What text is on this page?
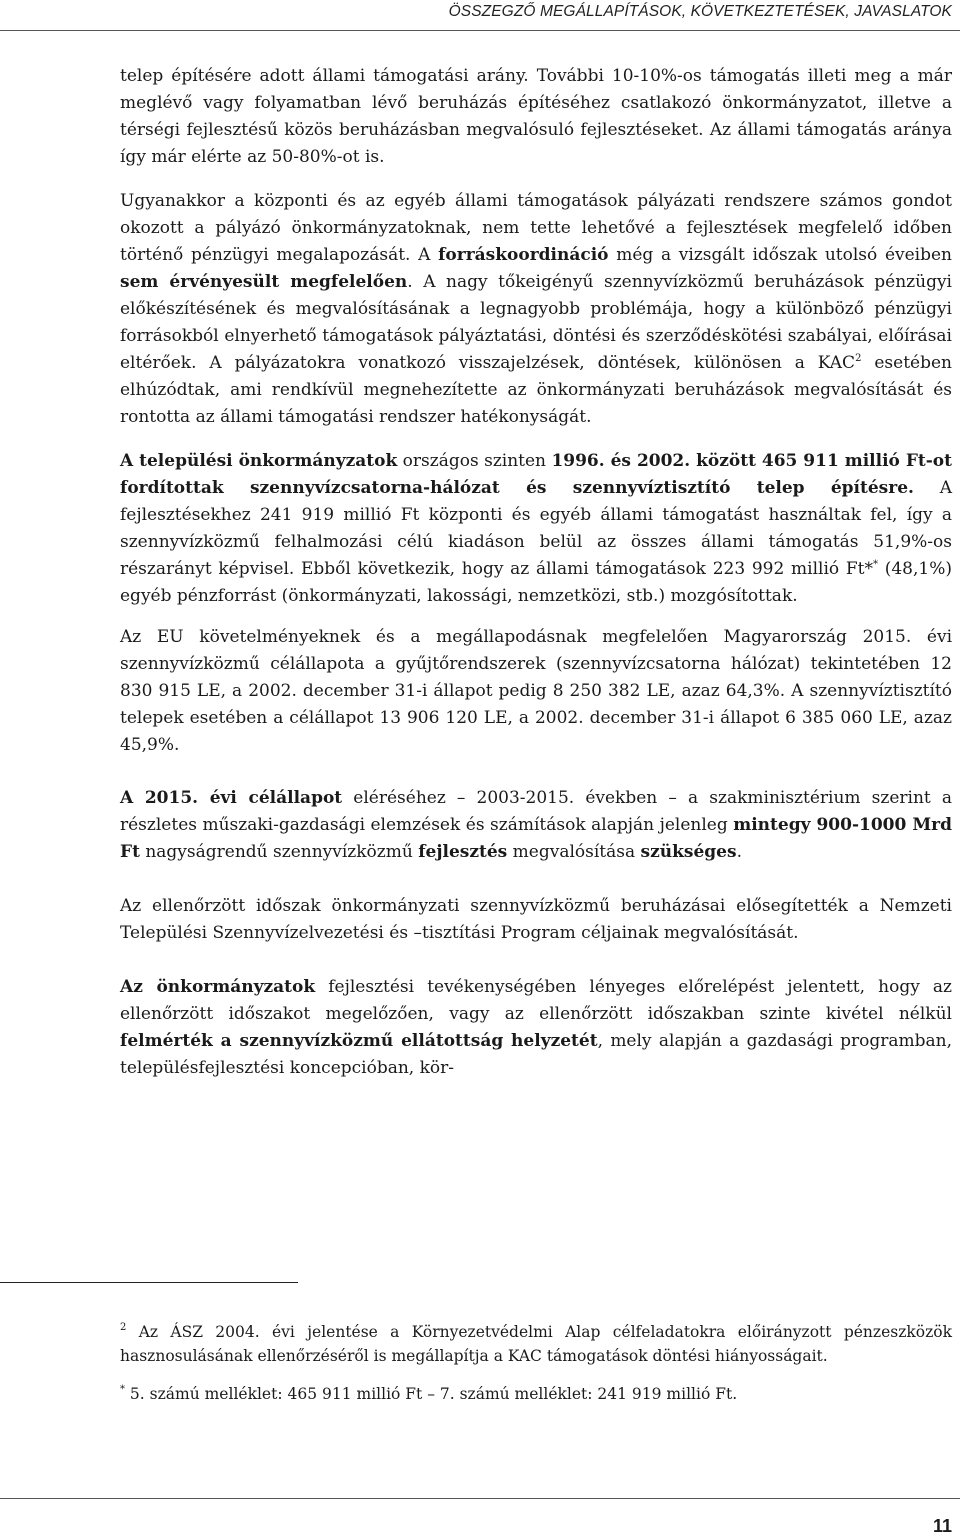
ÖSSZEGZŐ MEGÁLLAPÍTÁSOK, KÖVETKEZTETÉSEK, JAVASLATOK

telep építésére adott állami támogatási arány. További 10-10%-os támogatás illeti meg a már meglévő vagy folyamatban lévő beruházás építéséhez csatlakozó önkormányzatot, illetve a térségi fejlesztésű közös beruházásban megvalósuló fejlesztéseket. Az állami támogatás aránya így már elérte az 50-80%-ot is.

Ugyanakkor a központi és az egyéb állami támogatások pályázati rendszere számos gondot okozott a pályázó önkormányzatoknak, nem tette lehetővé a fejlesztések megfelelő időben történő pénzügyi megalapozását. A forráskoordináció még a vizsgált időszak utolsó éveiben sem érvényesült megfelelően. A nagy tőkeigényű szennyvízközmű beruházások pénzügyi előkészítésének és megvalósításának a legnagyobb problémája, hogy a különböző pénzügyi forrásokból elnyerhető támogatások pályáztatási, döntési és szerződéskötési szabályai, előírásai eltérőek. A pályázatokra vonatkozó visszajelzések, döntések, különösen a KAC$^2$ esetében elhúzódtak, ami rendkívül megnehezítette az önkormányzati beruházások megvalósítását és rontotta az állami támogatási rendszer hatékonyságát.

A települési önkormányzatok országos szinten 1996. és 2002. között 465 911 millió Ft-ot fordítottak szennyvízcsatorna-hálózat és szennyvíztisztító telep építésre. A fejlesztésekhez 241 919 millió Ft központi és egyéb állami támogatást használtak fel, így a szennyvízközmű felhalmozási célú kiadáson belül az összes állami támogatás 51,9%-os részarányt képvisel. Ebből következik, hogy az állami támogatások 223 992 millió Ft** (48,1%) egyéb pénzforrást (önkormányzati, lakossági, nemzetközi, stb.) mozgósítottak.

Az EU követelményeknek és a megállapodásnak megfelelően Magyarország 2015. évi szennyvízközmű célállapota a gyűjtőrendszerek (szennyvízcsatorna hálózat) tekintetében 12 830 915 LE, a 2002. december 31-i állapot pedig 8 250 382 LE, azaz 64,3%. A szennyvíztisztító telepek esetében a célállapot 13 906 120 LE, a 2002. december 31-i állapot 6 385 060 LE, azaz 45,9%.

A 2015. évi célállapot eléréséhez – 2003-2015. években – a szakminisztérium szerint a részletes műszaki-gazdasági elemzések és számítások alapján jelenleg mintegy 900-1000 Mrd Ft nagyságrendű szennyvízközmű fejlesztés megvalósítása szükséges.

Az ellenőrzött időszak önkormányzati szennyvízközmű beruházásai elősegítették a Nemzeti Települési Szennyvízelvezetési és –tisztítási Program céljainak megvalósítását.

Az önkormányzatok fejlesztési tevékenységében lényeges előrelépést jelentett, hogy az ellenőrzött időszakot megelőzően, vagy az ellenőrzött időszakban szinte kivétel nélkül felmérték a szennyvízközmű ellátottság helyzetét, mely alapján a gazdasági programban, településfejlesztési koncepcióban, kör-

$^2$ Az ÁSZ 2004. évi jelentése a Környezetvédelmi Alap célfeladatokra előirányzott pénzeszközök hasznosulásának ellenőrzéséről is megállapítja a KAC támogatások döntési hiányosságait.

* 5. számú melléklet: 465 911 millió Ft – 7. számú melléklet: 241 919 millió Ft.

11
